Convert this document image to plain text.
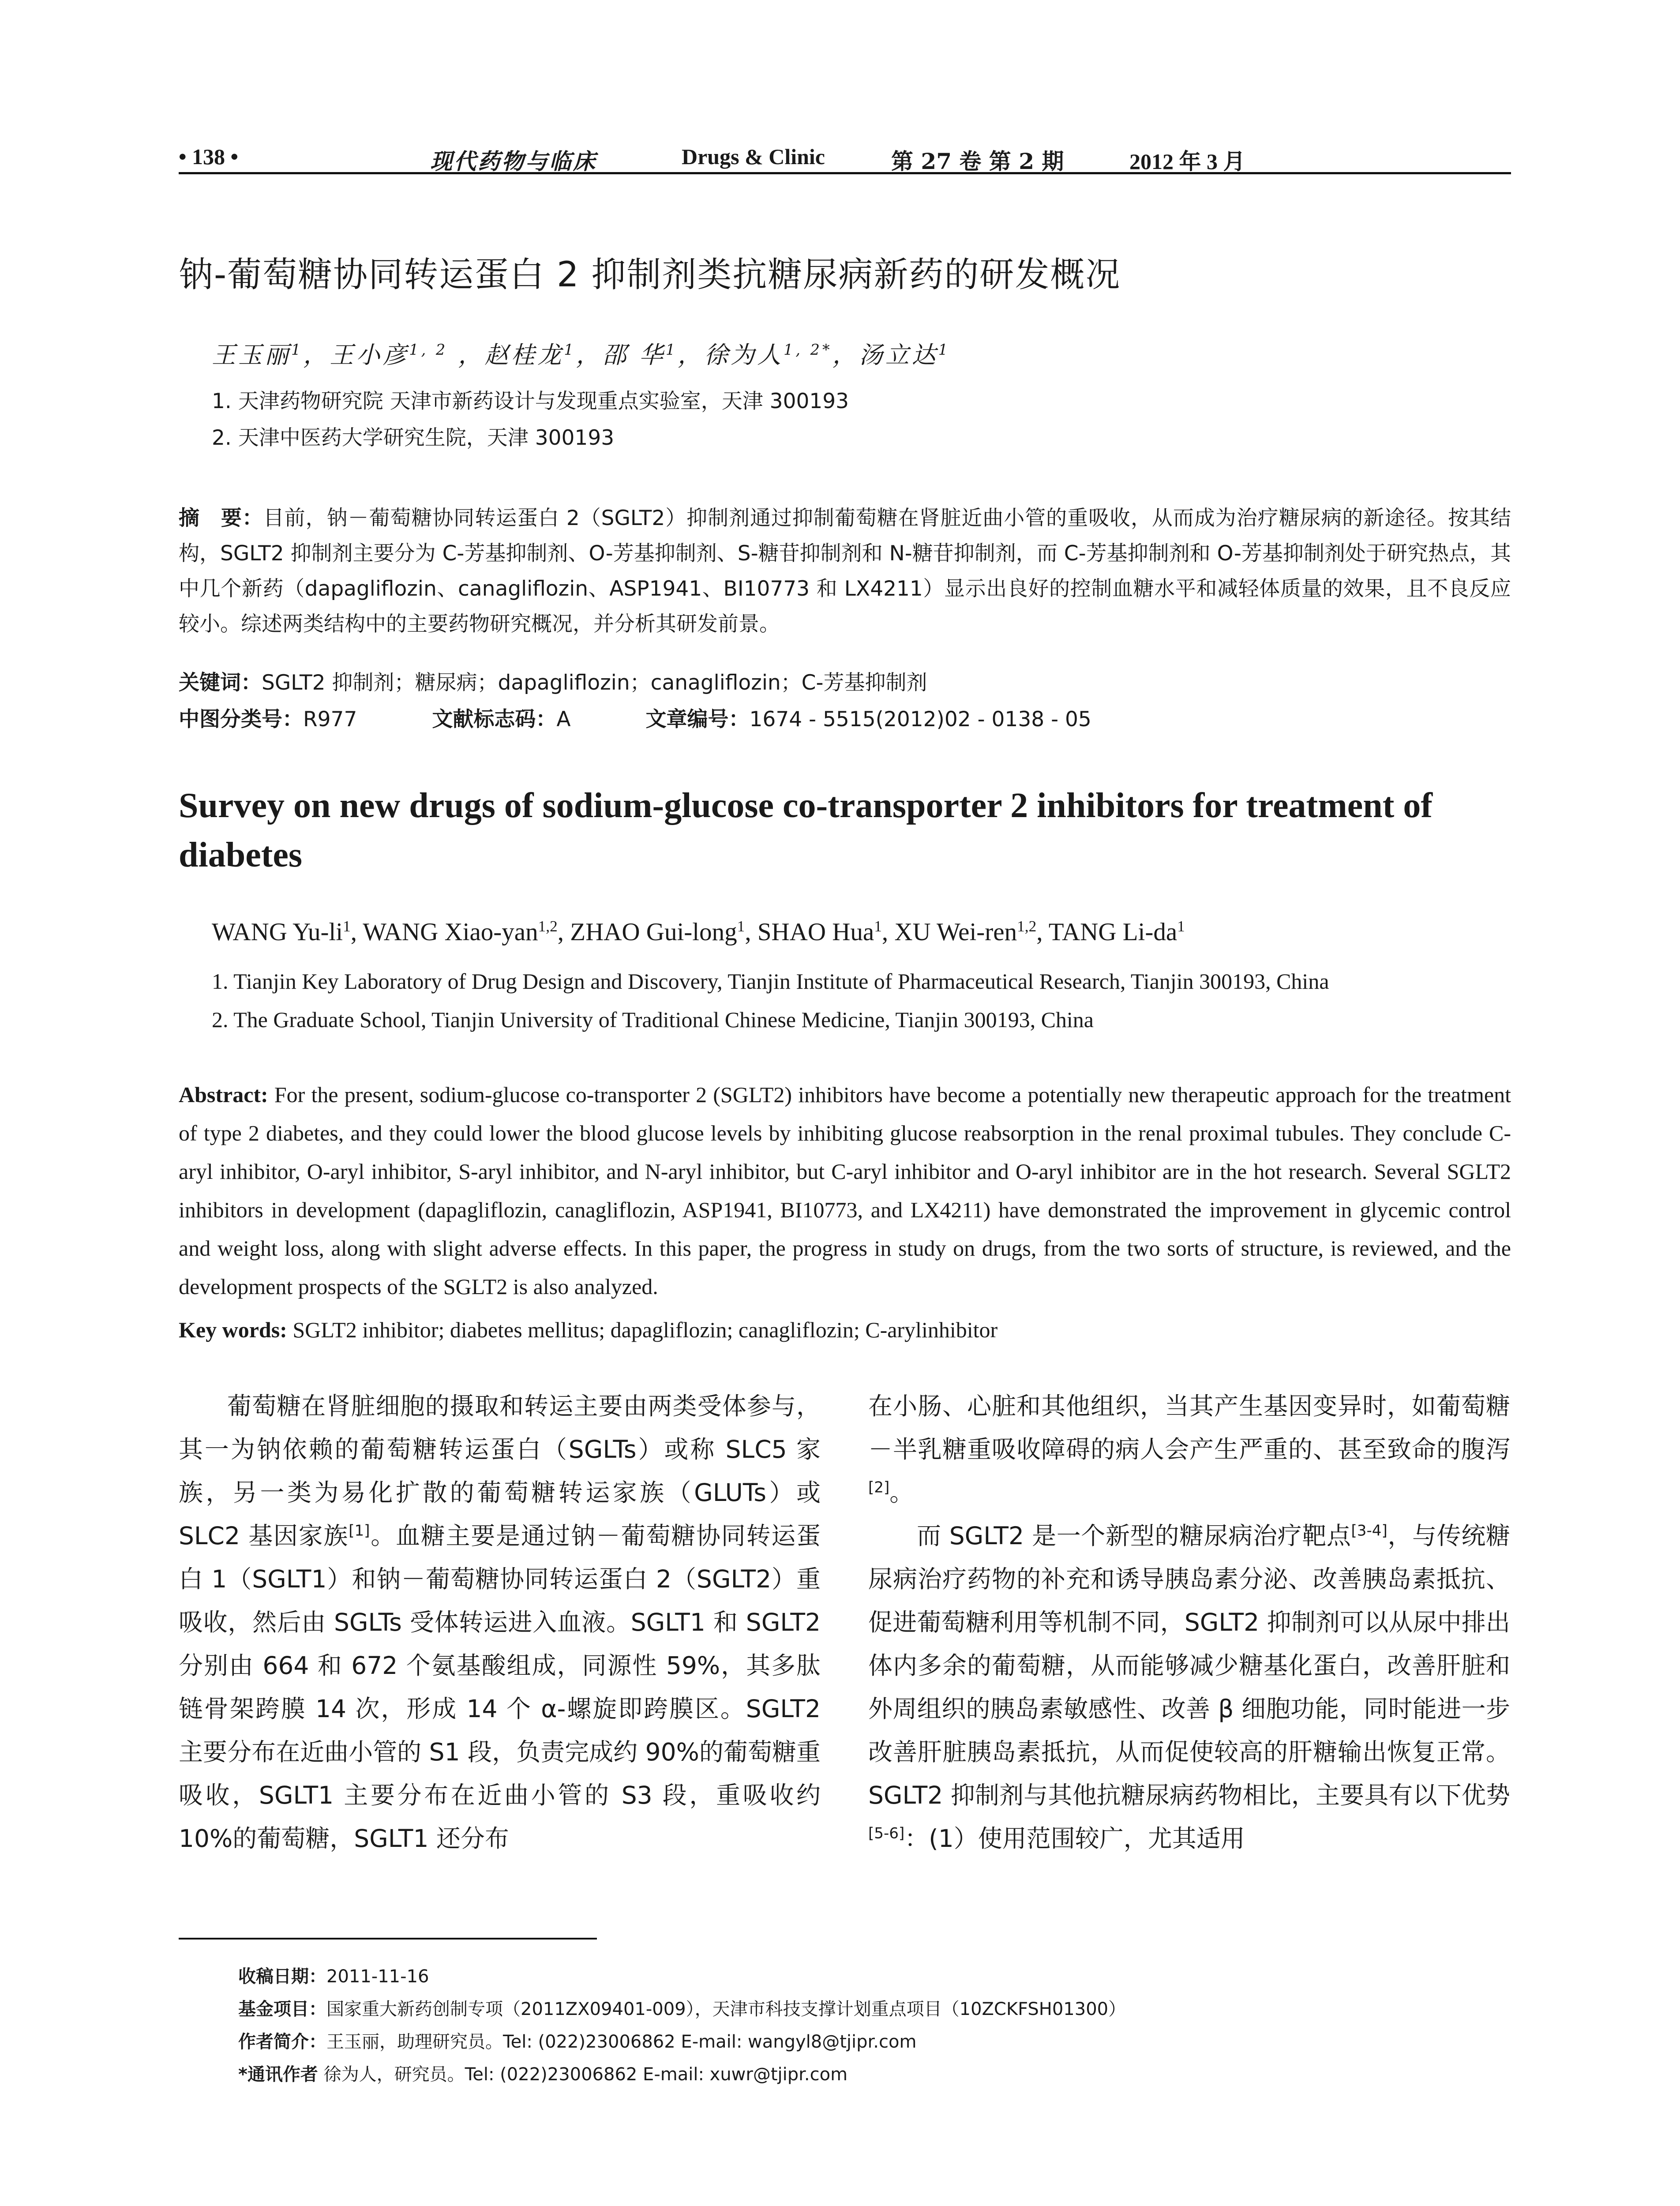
• 138 •	现代药物与临床	Drugs & Clinic	第 27 卷 第 2 期	2012 年 3 月
钠-葡萄糖协同转运蛋白 2 抑制剂类抗糖尿病新药的研发概况
王玉丽$^1$，王小彦$^{1, 2}$ ，赵桂龙$^1$，邵 华$^1$，徐为人$^{1, 2*}$，汤立达$^1$
1. 天津药物研究院 天津市新药设计与发现重点实验室，天津 300193
2. 天津中医药大学研究生院，天津 300193
摘　要：目前，钠－葡萄糖协同转运蛋白 2（SGLT2）抑制剂通过抑制葡萄糖在肾脏近曲小管的重吸收，从而成为治疗糖尿病的新途径。按其结构，SGLT2 抑制剂主要分为 C-芳基抑制剂、O-芳基抑制剂、S-糖苷抑制剂和 N-糖苷抑制剂，而 C-芳基抑制剂和 O-芳基抑制剂处于研究热点，其中几个新药（dapagliflozin、canagliflozin、ASP1941、BI10773 和 LX4211）显示出良好的控制血糖水平和减轻体质量的效果，且不良反应较小。综述两类结构中的主要药物研究概况，并分析其研发前景。
关键词：SGLT2 抑制剂；糖尿病；dapagliflozin；canagliflozin；C-芳基抑制剂
中图分类号：R977	文献标志码：A	文章编号：1674 - 5515(2012)02 - 0138 - 05
Survey on new drugs of sodium-glucose co-transporter 2 inhibitors for treatment of diabetes
WANG $Yu-li^1$, WANG Xiao-yan$^{1,2}$, ZHAO Gui-long$^1$, SHAO Hua$^1$, XU Wei-ren$^{1,2}$, TANG $Li-da^1$
1. Tianjin Key Laboratory of Drug Design and Discovery, Tianjin Institute of Pharmaceutical Research, Tianjin 300193, China
2. The Graduate School, Tianjin University of Traditional Chinese Medicine, Tianjin 300193, China
Abstract: For the present, sodium-glucose co-transporter 2 (SGLT2) inhibitors have become a potentially new therapeutic approach for the treatment of type 2 diabetes, and they could lower the blood glucose levels by inhibiting glucose reabsorption in the renal proximal tubules. They conclude C-aryl inhibitor, O-aryl inhibitor, S-aryl inhibitor, and N-aryl inhibitor, but C-aryl inhibitor and O-aryl inhibitor are in the hot research. Several SGLT2 inhibitors in development (dapagliflozin, canagliflozin, ASP1941, BI10773, and LX4211) have demonstrated the improvement in glycemic control and weight loss, along with slight adverse effects. In this paper, the progress in study on drugs, from the two sorts of structure, is reviewed, and the development prospects of the SGLT2 is also analyzed.
Key words: SGLT2 inhibitor; diabetes mellitus; dapagliflozin; canagliflozin; C-arylinhibitor

葡萄糖在肾脏细胞的摄取和转运主要由两类受体参与，其一为钠依赖的葡萄糖转运蛋白（SGLTs）或称 SLC5 家族，另一类为易化扩散的葡萄糖转运家族（GLUTs）或 SLC2 基因家族[1]。血糖主要是通过钠－葡萄糖协同转运蛋白 1（SGLT1）和钠－葡萄糖协同转运蛋白 2（SGLT2）重吸收，然后由 SGLTs 受体转运进入血液。SGLT1 和 SGLT2 分别由 664 和 672 个氨基酸组成，同源性 59%，其多肽链骨架跨膜 14 次，形成 14 个 α-螺旋即跨膜区。SGLT2 主要分布在近曲小管的 S1 段，负责完成约 90%的葡萄糖重吸收，SGLT1 主要分布在近曲小管的 S3 段，重吸收约 10%的葡萄糖，SGLT1 还分布

在小肠、心脏和其他组织，当其产生基因变异时，如葡萄糖－半乳糖重吸收障碍的病人会产生严重的、甚至致命的腹泻[2]。

而 SGLT2 是一个新型的糖尿病治疗靶点[3-4]，与传统糖尿病治疗药物的补充和诱导胰岛素分泌、改善胰岛素抵抗、促进葡萄糖利用等机制不同，SGLT2 抑制剂可以从尿中排出体内多余的葡萄糖，从而能够减少糖基化蛋白，改善肝脏和外周组织的胰岛素敏感性、改善 β 细胞功能，同时能进一步改善肝脏胰岛素抵抗，从而促使较高的肝糖输出恢复正常。SGLT2 抑制剂与其他抗糖尿病药物相比，主要具有以下优势[5-6]：(1）使用范围较广，尤其适用

收稿日期：2011-11-16
基金项目：国家重大新药创制专项（2011ZX09401-009），天津市科技支撑计划重点项目（10ZCKFSH01300）
作者简介：王玉丽，助理研究员。Tel: (022)23006862 E-mail: wangyl8@tjipr.com
*通讯作者 徐为人，研究员。Tel: (022)23006862 E-mail: xuwr@tjipr.com
